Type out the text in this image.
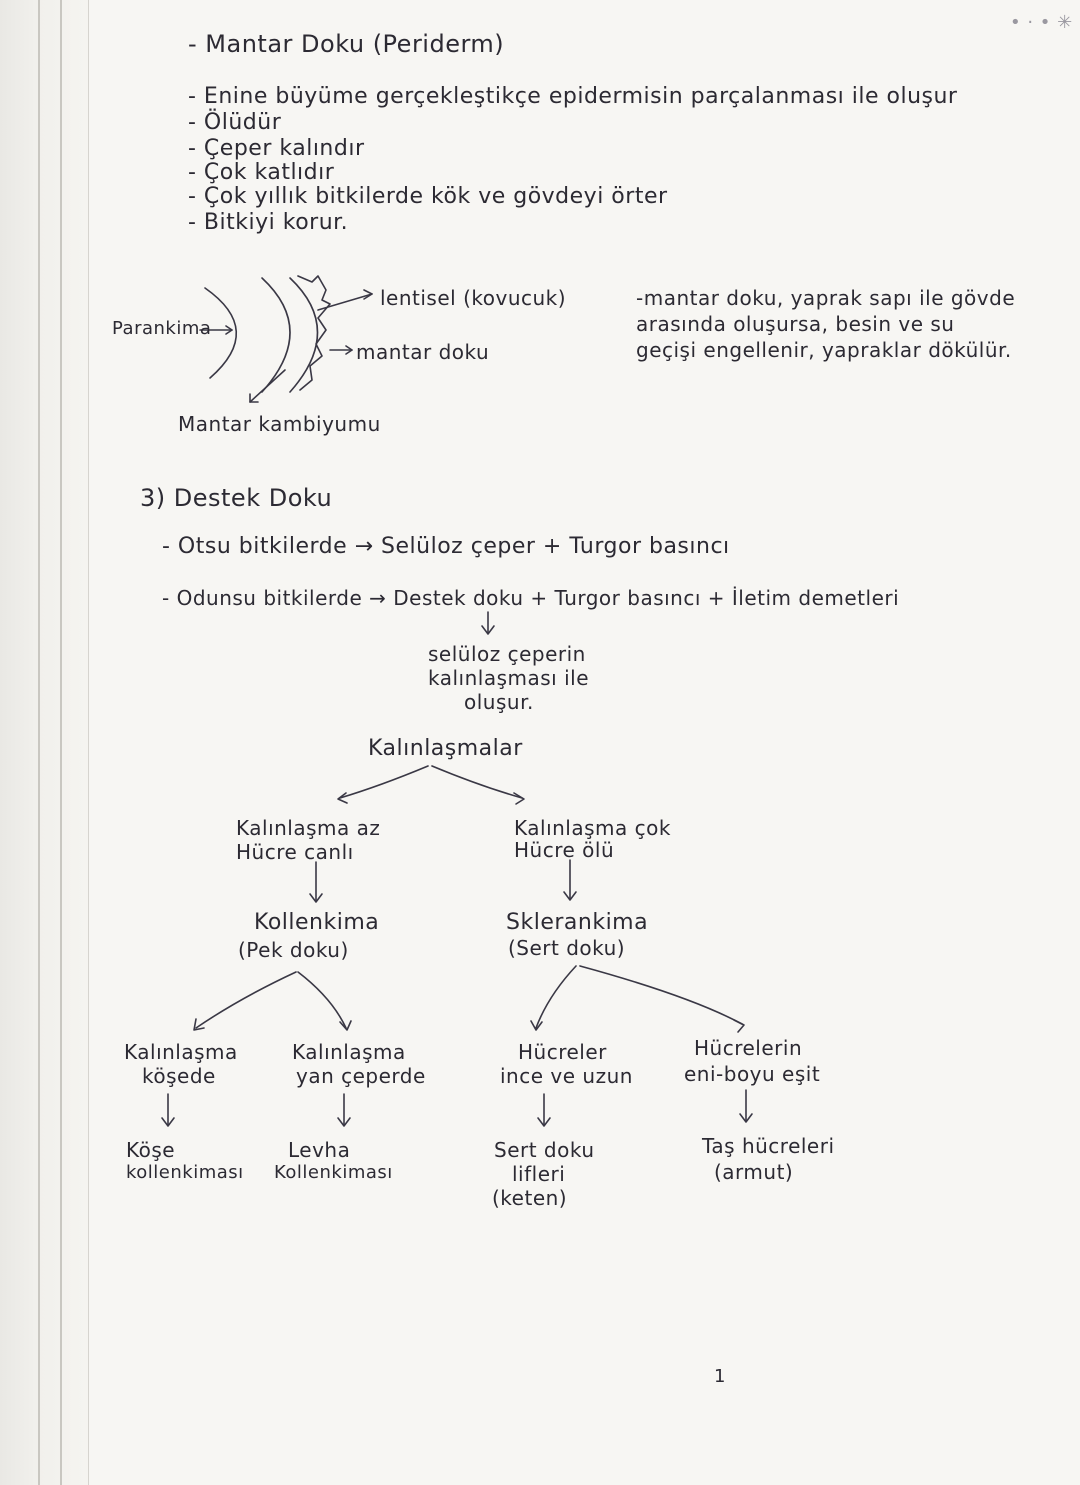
• · • ✳
- Mantar Doku (Periderm)
- Enine büyüme gerçekleştikçe epidermisin parçalanması ile oluşur
- Ölüdür
- Çeper kalındır
- Çok katlıdır
- Çok yıllık bitkilerde kök ve gövdeyi örter
- Bitkiyi korur.
Parankima
lentisel (kovucuk)
mantar doku
Mantar kambiyumu
-mantar doku, yaprak sapı ile gövde
arasında oluşursa, besin ve su
geçişi engellenir, yapraklar dökülür.
3) Destek Doku
- Otsu bitkilerde → Selüloz çeper + Turgor basıncı
- Odunsu bitkilerde → Destek doku + Turgor basıncı + İletim demetleri
selüloz çeperin
kalınlaşması ile
oluşur.
Kalınlaşmalar
Kalınlaşma az
Hücre canlı
Kalınlaşma çok
Hücre ölü
Kollenkima
(Pek doku)
Sklerankima
(Sert doku)
Kalınlaşma
köşede
Kalınlaşma
yan çeperde
Hücreler
ince ve uzun
Hücrelerin
eni-boyu eşit
Köşe
kollenkiması
Levha
Kollenkiması
Sert doku
lifleri
(keten)
Taş hücreleri
(armut)
1
